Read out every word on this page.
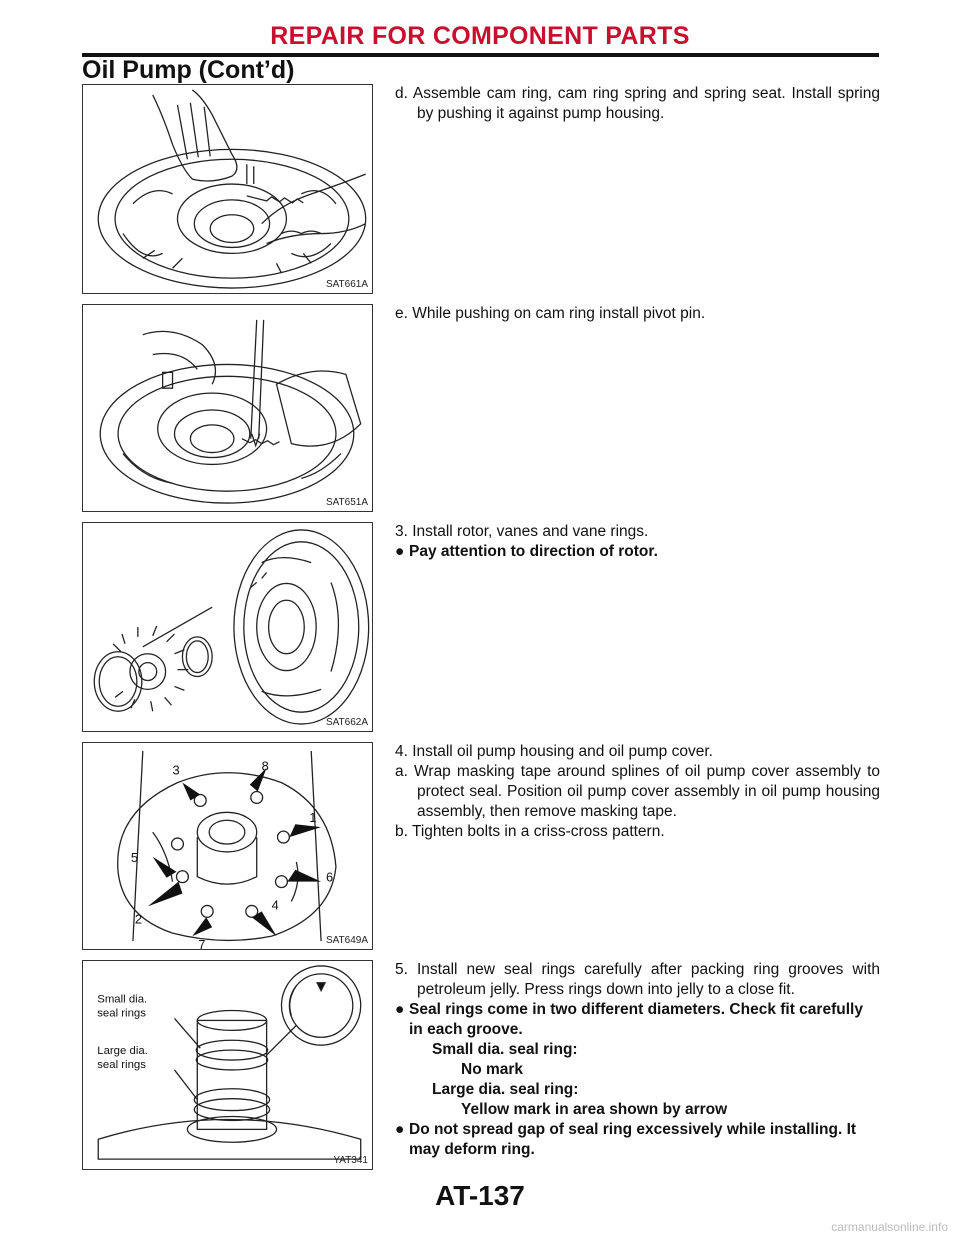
REPAIR FOR COMPONENT PARTS
Oil Pump (Cont’d)
SAT661A
SAT651A
SAT662A
1
2
3
4
5
6
7
8
SAT649A
Small dia.
seal rings
Large dia.
seal rings
YAT341

d. Assemble cam ring, cam ring spring and spring seat. Install spring by pushing it against pump housing.

e. While pushing on cam ring install pivot pin.

3. Install rotor, vanes and vane rings.

● Pay attention to direction of rotor.

4. Install oil pump housing and oil pump cover.

a. Wrap masking tape around splines of oil pump cover assembly to protect seal. Position oil pump cover assembly in oil pump housing assembly, then remove masking tape.

b. Tighten bolts in a criss-cross pattern.

5. Install new seal rings carefully after packing ring grooves with petroleum jelly. Press rings down into jelly to a close fit.

● Seal rings come in two different diameters. Check fit carefully in each groove.

Small dia. seal ring:

No mark

Large dia. seal ring:

Yellow mark in area shown by arrow

● Do not spread gap of seal ring excessively while installing. It may deform ring.

AT-137
carmanualsonline.info
